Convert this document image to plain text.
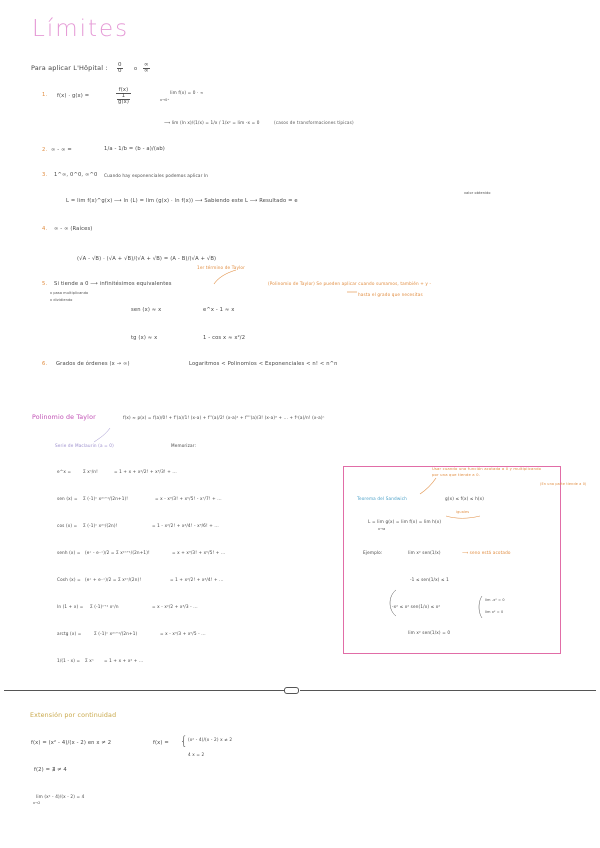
Límites
Para aplicar L'Hôpital : $\frac{0}{0}$ o $\frac{\infty}{\infty}$
1. f(x) · g(x) =	$\frac{f(x)}{\frac{1}{g(x)}}$	lim f(x) = 0 · ∞
x→0⁺
⟶ lim (ln x)/(1/x) = 1/x / 1/x² = lim -x = 0	(casos de transformaciones típicas)
2. ∞ - ∞ =	1/a - 1/b = (b - a)/(ab)
3. 1^∞, 0^0, ∞^0 Cuando hay exponenciales podemos aplicar ln
L = lim f(x)^g(x) ⟶ ln (L) = lim (g(x) · ln f(x)) ⟶ Sabiendo este L ⟶ Resultado = e
valor obtenido
4. ∞ - ∞ (Raíces)
(√A - √B) · (√A + √B)/(√A + √B) = (A - B)/(√A + √B)
5. Si tiende a 0 ⟶ infinitésimos equivalentes
x pasa multiplicando
x dividiendo
1er término de Taylor
(Polinomio de Taylor) Se pueden aplicar cuando sumamos, también + y -
hasta el grado que necesitas
sen (x) ≈ x	e^x - 1 ≈ x
tg (x) ≈ x	1 - cos x ≈ x²/2
6. Grados de órdenes (x → ∞)	Logaritmos < Polinomios < Exponenciales < n! < n^n
Polinomio de Taylor	f(x) ≈ p(x) = f(a)/0! + f'(a)/1! (x-a) + f''(a)/2! (x-a)² + f'''(a)/3! (x-a)³ + ... + fⁿ(a)/n! (x-a)ⁿ
Serie de Maclaurin (a = 0)	Memorizar:
e^x =	Σ xⁿ/n!	= 1 + x + x²/2! + x³/3! + ...
sen (x) = Σ (-1)ⁿ x²ⁿ⁺¹/(2n+1)!	= x - x³/3! + x⁵/5! - x⁷/7! + ...
cos (x) = Σ (-1)ⁿ x²ⁿ/(2n)!	= 1 - x²/2! + x⁴/4! - x⁶/6! + ...
senh (x) = (eˣ - e⁻ˣ)/2 = Σ x²ⁿ⁺¹/(2n+1)!	= x + x³/3! + x⁵/5! + ...
Cosh (x) = (eˣ + e⁻ˣ)/2 = Σ x²ⁿ/(2n)!	= 1 + x²/2! + x⁴/4! + ...
ln (1 + x) = Σ (-1)ⁿ⁺¹ xⁿ/n	= x - x²/2 + x³/3 - ...
arctg (x) =	Σ (-1)ⁿ x²ⁿ⁺¹/(2n+1)	= x - x³/3 + x⁵/5 - ...
1/(1 - x) = Σ xⁿ = 1 + x + x² + ...
Usar cuando una función acotada a 0 y multiplicando
por una que tiende a 0.
(En una parte tiende a 0)
Teorema del Sandwich	g(x) ≤ f(x) ≤ h(x)
iguales
L = lim g(x) = lim f(x) = lim h(x)
x→a
Ejemplo:	lim x² sen(1/x)	⟶ seno está acotado
-1 ≤ sen(1/x) ≤ 1
-x² ≤ x² sen(1/x) ≤ x²
lim -x² = 0
lim x² = 0
lim x² sen(1/x) = 0
Extensión por continuidad
f(x) = (x² - 4)/(x - 2) en x ≠ 2	f(x) = { (x² - 4)/(x - 2) x ≠ 2
4 x = 2
f(2) = ∄ ≠ 4
lim (x² - 4)/(x - 2) = 4
x→2
